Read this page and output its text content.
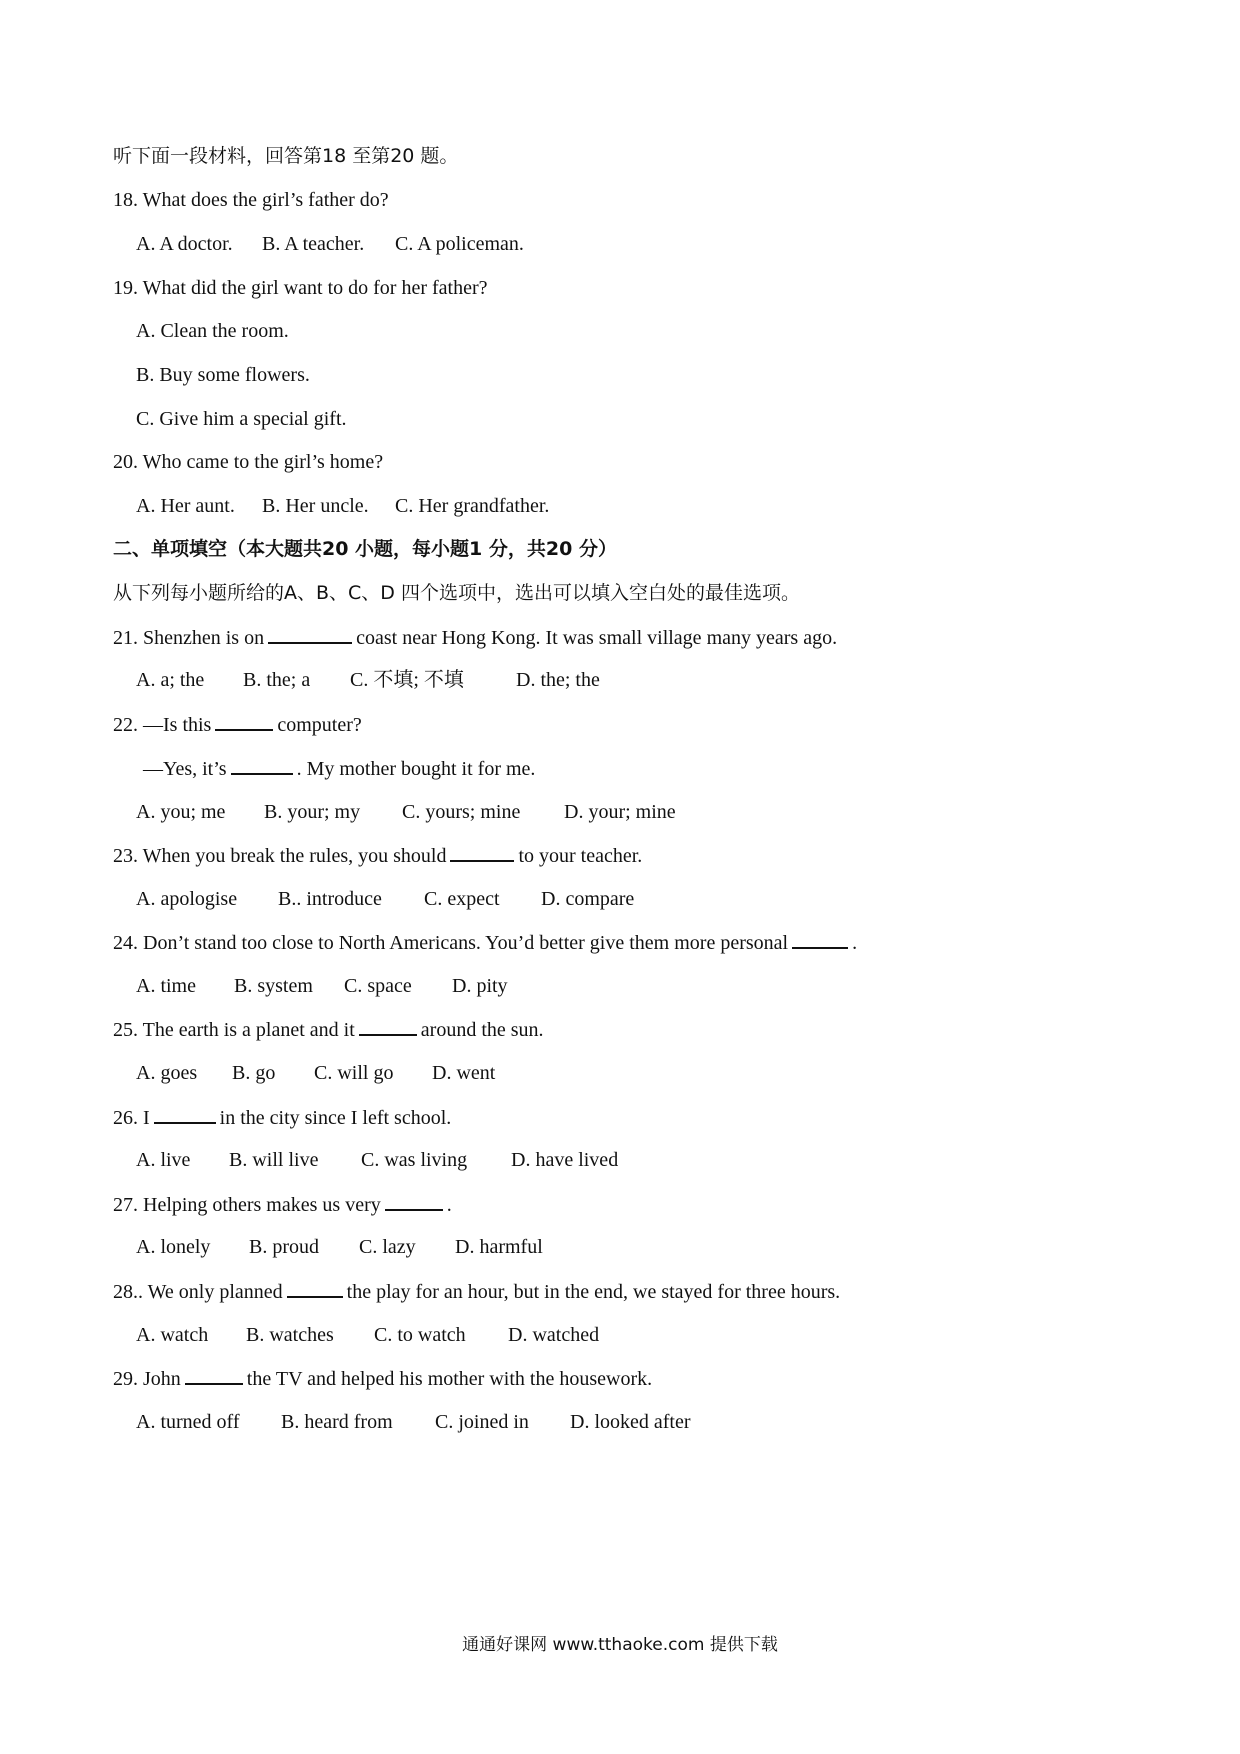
听下面一段材料，回答第18 至第20 题。
18. What does the girl’s father do?
A. A doctor. B. A teacher. C. A policeman.
19. What did the girl want to do for her father?
A. Clean the room.
B. Buy some flowers.
C. Give him a special gift.
20. Who came to the girl’s home?
A. Her aunt. B. Her uncle. C. Her grandfather.
二、单项填空（本大题共20 小题，每小题1 分，共20 分）
从下列每小题所给的A、B、C、D 四个选项中，选出可以填入空白处的最佳选项。
21. Shenzhen is on	coast near Hong Kong. It was small village many years ago.
A. a; the B. the; a C. 不填; 不填	D. the; the
22. —Is this	computer?
—Yes, it’s	. My mother bought it for me.
A. you; me B. your; my C. yours; mine D. your; mine
23. When you break the rules, you should	to your teacher.
A. apologise B.. introduce C. expect D. compare
24. Don’t stand too close to North Americans. You’d better give them more personal	.
A. time B. system C. space D. pity
25. The earth is a planet and it	around the sun.
A. goes B. go C. will go D. went
26. I	in the city since I left school.
A. live B. will live C. was living D. have lived
27. Helping others makes us very	.
A. lonely B. proud C. lazy D. harmful
28.. We only planned	the play for an hour, but in the end, we stayed for three hours.
A. watch B. watches C. to watch D. watched
29. John	the TV and helped his mother with the housework.
A. turned off B. heard from C. joined in D. looked after
通通好课网 www.tthaoke.com 提供下载
